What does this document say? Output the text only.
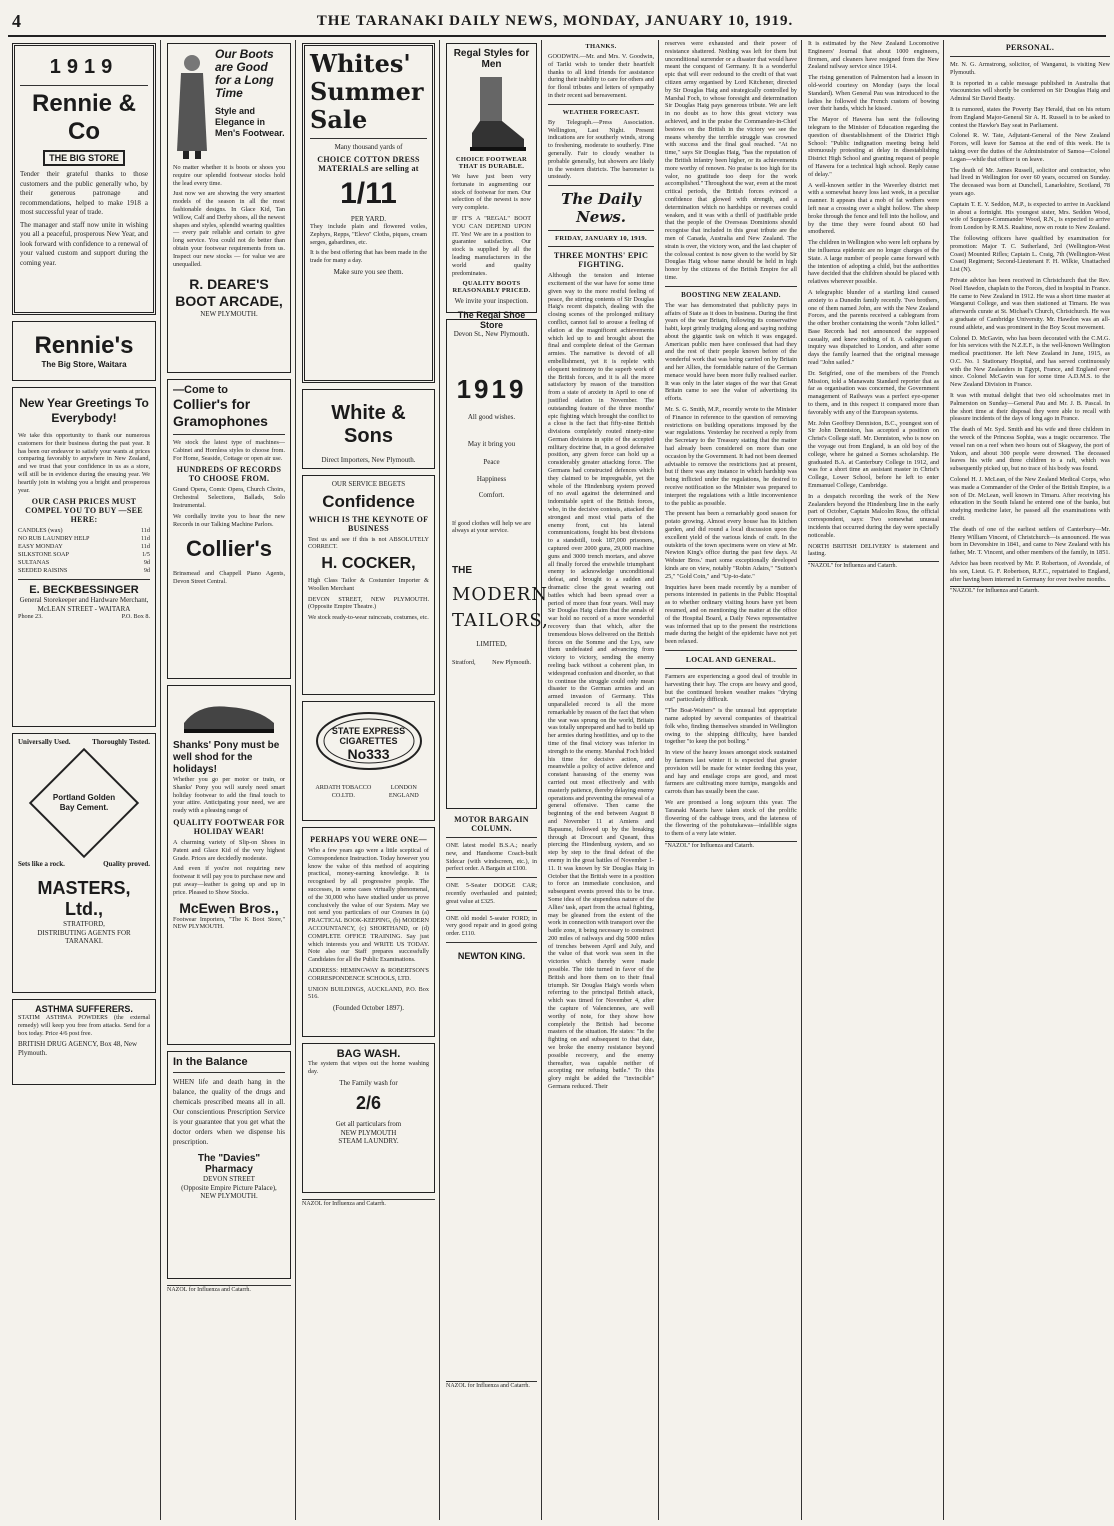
4	THE TARANAKI DAILY NEWS, MONDAY, JANUARY 10, 1919.
1919
Rennie & Co
THE BIG STORE

Tender their grateful thanks to those customers and the public generally who, by their generous patronage and recommendations, helped to make 1918 a most successful year of trade.

The manager and staff now unite in wishing you all a peaceful, prosperous New Year, and look forward with confidence to a renewal of your valued custom and support during the coming year.

Rennie's
The Big Store, Waitara
New Year Greetings To Everybody!

We take this opportunity to thank our numerous customers for their business during the past year. It has been our endeavor to satisfy your wants at prices comparing favorably to anywhere in New Zealand, and we trust that your confidence in us as a store, will still be in evidence during the ensuing year. We heartily join in wishing you a bright and prosperous year.

OUR CASH PRICES MUST COMPEL YOU TO BUY —SEE HERE:
CANDLES (wax)	11d
NO RUB LAUNDRY HELP	11d
EASY MONDAY	11d
SILKSTONE SOAP	1/5
SULTANAS	9d
SEEDED RAISINS	9d
E. BECKBESSINGER
General Storekeeper and Hardware Merchant,
McLEAN STREET - WAITARA
Phone 23.	P.O. Box 8.
Universally Used.	Thoroughly Tested.
Portland Golden Bay Cement.
Sets like a rock.	Quality proved.
MASTERS, Ltd.,
STRATFORD,
DISTRIBUTING AGENTS FOR TARANAKI.
ASTHMA SUFFERERS.

STATIM ASTHMA POWDERS (the external remedy) will keep you free from attacks. Send for a box today. Price 4/6 post free.

BRITISH DRUG AGENCY, Box 48, New Plymouth.
Our Boots are Good for a Long Time
Style and Elegance in Men's Footwear.

No matter whether it is boots or shoes you require our splendid footwear stocks hold the lead every time.

Just now we are showing the very smartest models of the season in all the most fashionable designs. In Glace Kid, Tan Willow, Calf and Derby shoes, all the newest shapes and styles, splendid wearing qualities — every pair reliable and certain to give long service. You could not do better than obtain your footwear requirements from us. Inspect our new stocks — for value we are unequalled.

R. DEARE'S BOOT ARCADE,
NEW PLYMOUTH.
—Come to
Collier's for Gramophones

We stock the latest type of machines—Cabinet and Hornless styles to choose from. For Home, Seaside, Cottage or open air use.

HUNDREDS OF RECORDS TO CHOOSE FROM.

Grand Opera, Comic Opera, Church Choirs, Orchestral Selections, Ballads, Solo Instrumental.

We cordially invite you to hear the new Records in our Talking Machine Parlors.

Collier's

Brinsmead and Chappell Piano Agents, Devon Street Central.

Shanks' Pony must be well shod for the holidays!

Whether you go per motor or train, or Shanks' Pony you will surely need smart holiday footwear to add the final touch to your attire. Anticipating your need, we are ready with a pleasing range of

QUALITY FOOTWEAR FOR HOLIDAY WEAR!

A charming variety of Slip-on Shoes in Patent and Glace Kid of the very highest Grade. Prices are decidedly moderate.

And even if you're not requiring new footwear it will pay you to purchase new and put away—leather is going up and up in price. Pleased to Show Stocks.

McEwen Bros.,

Footwear Importers, "The K Boot Store," NEW PLYMOUTH.

In the Balance

WHEN life and death hang in the balance, the quality of the drugs and chemicals prescribed means all in all. Our conscientious Prescription Service is your guarantee that you get what the doctor orders when we dispense his prescription.

The "Davies" Pharmacy
DEVON STREET
(Opposite Empire Picture Palace),
NEW PLYMOUTH.
NAZOL for Influenza and Catarrh.
Whites' Summer Sale
Many thousand yards of
CHOICE COTTON DRESS MATERIALS are selling at
1/11
PER YARD.

They include plain and flowered voiles, Zephyrs, Repps, "Elevo" Cloths, piques, cream serges, gabardines, etc.

It is the best offering that has been made in the trade for many a day.

Make sure you see them.
White & Sons
Direct Importers, New Plymouth.
OUR SERVICE BEGETS
Confidence
WHICH IS THE KEYNOTE OF BUSINESS

Test us and see if this is not ABSOLUTELY CORRECT.

H. COCKER,

High Class Tailor & Costumier Importer & Woollen Merchant

DEVON STREET, NEW PLYMOUTH. (Opposite Empire Theatre.)

We stock ready-to-wear raincoats, costumes, etc.

STATE EXPRESS CIGARETTES
No333
ARDATH TOBACCO CO.LTD.
LONDON ENGLAND
PERHAPS YOU WERE ONE—

Who a few years ago were a little sceptical of Correspondence Instruction. Today however you know the value of this method of acquiring practical, money-earning knowledge. It is recognised by all progressive people. The successes, in some cases virtually phenomenal, of the 30,000 who have studied under us prove conclusively the value of our System. May we not send you particulars of our Courses in (a) PRACTICAL BOOK-KEEPING, (b) MODERN ACCOUNTANCY, (c) SHORTHAND, or (d) COMPLETE OFFICE TRAINING. Say just which interests you and WRITE US TODAY. Note also our Staff prepares successfully Candidates for all the Public Examinations.

ADDRESS: HEMINGWAY & ROBERTSON'S CORRESPONDENCE SCHOOLS, LTD.

UNION BUILDINGS, AUCKLAND, P.O. Box 516.

(Founded October 1897).
BAG WASH.

The system that wipes out the home washing day.

The Family wash for
2/6
Get all particulars from
NEW PLYMOUTH
STEAM LAUNDRY.
NAZOL for Influenza and Catarrh.
Regal Styles for Men
CHOICE FOOTWEAR THAT IS DURABLE.

We have just been very fortunate in augmenting our stock of footwear for men. Our selection of the newest is now very complete.

IF IT'S A "REGAL" BOOT YOU CAN DEPEND UPON IT. Yes! We are in a position to guarantee satisfaction. Our stock is supplied by all the leading manufacturers in the world and quality predominates.

QUALITY BOOTS REASONABLY PRICED.
We invite your inspection.
The Regal Shoe Store
Devon St., New Plymouth.
1919
All good wishes.
May it bring you
Peace
Happiness
Comfort.

If good clothes will help we are always at your service.

THE
MODERN TAILORS,
LIMITED,
Stratford,	New Plymouth.
MOTOR BARGAIN COLUMN.

ONE latest model B.S.A.; nearly new, and Handsome Coach-built Sidecar (with windscreen, etc.), in perfect order. A Bargain at £100.

ONE 5-Seater DODGE CAR; recently overhauled and painted; great value at £325.

ONE old model 5-seater FORD; in very good repair and in good going order. £110.

NEWTON KING.
NAZOL for Influenza and Catarrh.
THANKS.

GOODWIN.—Mr. and Mrs. V. Goodwin, of Tariki wish to tender their heartfelt thanks to all kind friends for assistance during their inability to care for others and for floral tributes and letters of sympathy in their recent sad bereavement.

WEATHER FORECAST.

By Telegraph.—Press Association. Wellington, Last Night. Present indications are for southerly winds, strong to freshening, moderate to southerly. Fine generally. Fair to cloudy weather is probable generally, but showers are likely in the western districts. The barometer is unsteady.

The Daily News.
FRIDAY, JANUARY 10, 1919.
THREE MONTHS' EPIC FIGHTING.

Although the tension and intense excitement of the war have for some time given way to the more restful feeling of peace, the stirring contents of Sir Douglas Haig's recent dispatch, dealing with the closing scenes of the prolonged military conflict, cannot fail to arouse a feeling of elation at the magnificent achievements which led up to and brought about the final and complete defeat of the German armies. The narrative is devoid of all embellishment, yet it is replete with eloquent testimony to the superb work of the British forces, and it is all the more satisfactory by reason of the transition from a state of anxiety in April to one of justified elation in November. The outstanding feature of the three months' epic fighting which brought the conflict to a close is the fact that fifty-nine British divisions completely routed ninety-nine German divisions in spite of the accepted military doctrine that, in a good defensive position, any given force can hold up a considerably greater attacking force. The Germans had constructed defences which they claimed to be impregnable, yet the whole of the Hindenburg system proved of no avail against the determined and indomitable spirit of the British forces, who, in the decisive contests, attacked the strongest and most vital parts of the enemy front, cut his lateral communications, fought his best divisions to a standstill, took 187,000 prisoners, captured over 2000 guns, 29,000 machine guns and 3000 trench mortars, and above all finally forced the erstwhile triumphant enemy to acknowledge unconditional defeat, and brought to a sudden and dramatic close the great wearing out battles which had been spread over a period of more than four years. Well may Sir Douglas Haig claim that the annals of war hold no record of a more wonderful recovery than that which, after the tremendous blows delivered on the British forces on the Somme and the Lys, saw them undefeated and advancing from victory to victory, sending the enemy reeling back without a coherent plan, in widespread confusion and disorder, so that to continue the struggle could only mean disaster to the German armies and an armed invasion of Germany. This unparalleled record is all the more remarkable by reason of the fact that when the war was sprung on the world, Britain was totally unprepared and had to build up her armies during hostilities, and up to the time of the final victory was inferior in strength to the enemy. Marshal Foch bided his time for decisive action, and meanwhile a policy of active defence and constant harassing of the enemy was carried out most effectively and with masterly patience, thereby delaying enemy operations and preventing the renewal of a general offensive. Then came the beginning of the end between August 8 and November 11 at Amiens and Bapaume, followed up by the breaking through at Drocourt and Queant, thus piercing the Hindenburg system, and so step by step to the final defeat of the enemy in the great battles of November 1-11. It was known by Sir Douglas Haig in October that the British were in a position to force an immediate conclusion, and subsequent events proved this to be true. Some idea of the stupendous nature of the Allies' task, apart from the actual fighting, may be gleaned from the extent of the work in connection with transport over the battle zone, it being necessary to construct 200 miles of railways and dig 5000 miles of trenches between April and July, and the value of that work was seen in the victories which thereby were made possible. The tide turned in favor of the British and hore them on to their final triumph. Sir Douglas Haig's words when referring to the principal British attack, which was timed for November 4, after the capture of Valenciennes, are well worthy of note, for they show how completely the British had become masters of the situation. He states: "In the fighting on and subsequent to that date, we broke the enemy resistance beyond possible recovery, and the enemy thereafter, was capable neither of accepting nor refusing battle." To this glory might be added the "invincible" Germans reduced. Their

reserves were exhausted and their power of resistance shattered. Nothing was left for them but unconditional surrender or a disaster that would have meant the conquest of Germany. It is a wonderful epic that will ever redound to the credit of that vast citizen army organised by Lord Kitchener, directed by Sir Douglas Haig and strategically controlled by Marshal Foch, to whose foresight and determination Sir Douglas Haig pays generous tribute. We are left in no doubt as to how this great victory was achieved, and in the praise the Commander-in-Chief bestows on the British in the victory we see the means whereby the terrible struggle was crowned with success and the final goal reached. "At no time," says Sir Douglas Haig, "has the reputation of the British infantry been higher, or its achievements more worthy of renown. No praise is too high for its valor, no gratitude too deep for the work accomplished." Throughout the war, even at the most critical periods, the British forces evinced a confidence that glowed with strength, and a determination which no hardships or reverses could weaken, and it was with a thrill of justifiable pride that the people of the Overseas Dominions should recognise that included in this great tribute are the men of Canada, Australia and New Zealand. The strain is over, the victory won, and the last chapter of the colossal contest is now given to the world by Sir Douglas Haig whose name should be held in high honor by the citizens of the British Empire for all time.

BOOSTING NEW ZEALAND.

The war has demonstrated that publicity pays in affairs of State as it does in business. During the first years of the war Britain, following its conservative habit, kept grimly trudging along and saying nothing about the gigantic task on which it was engaged. American public men have confessed that had they and the rest of their people known before of the wonderful work that was being carried on by Britain and her Allies, the formidable nature of the German menace would have been more fully realised earlier. It was only in the later stages of the war that Great Britain came to see the value of advertising its efforts.

Mr. S. G. Smith, M.P., recently wrote to the Minister of Finance in reference to the question of removing restrictions on building operations imposed by the war regulations. Yesterday he received a reply from the Secretary to the Treasury stating that the matter had already been considered on more than one occasion by the Government. It had not been deemed advisable to remove the restrictions just at present, but if there was any instance in which hardship was being inflicted under the regulations, he desired to receive notification so the Minister was prepared to interpret the regulations with a little inconvenience to the public as possible.

The present has been a remarkably good season for potato growing. Almost every house has its kitchen garden, and did round a local discussion upon the excellent yield of the various kinds of craft. In the outskirts of the town specimens were on view at Mr. Newton King's office during the past few days. At Webster Bros.' mart some exceptionally developed kinds are on view, notably "Robin Adairs," "Sutton's 25," "Gold Coin," and "Up-to-date."

Inquiries have been made recently by a number of persons interested in patients in the Public Hospital as to whether ordinary visiting hours have yet been resumed, and on mentioning the matter at the office of the Hospital Board, a Daily News representative was informed that up to the present the restrictions made during the height of the epidemic have not yet been relaxed.

LOCAL AND GENERAL.

Farmers are experiencing a good deal of trouble in harvesting their hay. The crops are heavy and good, but the continued broken weather makes "drying out" particularly difficult.

"The Boat-Waiters" is the unusual but appropriate name adopted by several companies of theatrical folk who, finding themselves stranded in Wellington owing to the shipping difficulty, have banded together "to keep the pot boiling."

In view of the heavy losses amongst stock sustained by farmers last winter it is expected that greater provision will be made for winter feeding this year, and hay and ensilage crops are good, and most farmers are cultivating more turnips, mangolds and carrots than has usually been the case.

We are promised a long sojourn this year. The Taranaki Maoris have taken stock of the prolific flowering of the cabbage trees, and the lateness of the flowering of the pohutukawas—infallible signs to them of a very late winter.

"NAZOL" for Influenza and Catarrh.

It is estimated by the New Zealand Locomotive Engineers' Journal that about 1000 engineers, firemen, and cleaners have resigned from the New Zealand railway service since 1914.

The rising generation of Palmerston had a lesson in old-world courtesy on Monday (says the local Standard). When General Pau was introduced to the ladies he followed the French custom of bowing over their hands, which he kissed.

The Mayor of Hawera has sent the following telegram to the Minister of Education regarding the question of disestablishment of the District High School: "Public indignation meeting being held strenuously protesting at delay in disestablishing District High School and granting request of people of Hawera for a technical high school. Reply cause of delay."

A well-known settler in the Waverley district met with a somewhat heavy loss last week, in a peculiar manner. It appears that a mob of fat wethers were left near a crossing over a slight hollow. The sheep broke through the fence and fell into the hollow, and by the time they were found about 60 had smothered.

The children in Wellington who were left orphans by the influenza epidemic are no longer charges of the State. A large number of people came forward with the intention of adopting a child, but the authorities have decided that the children should be placed with relatives wherever possible.

A telegraphic blunder of a startling kind caused anxiety to a Dunedin family recently. Two brothers, one of them named John, are with the New Zealand Forces, and the parents received a cablegram from the other brother containing the words "John killed." Base Records had not announced the supposed casualty, and knew nothing of it. A cablegram of inquiry was dispatched to London, and after some days the family learned that the original message read "John sailed."

Dr. Seigfried, one of the members of the French Mission, told a Manawatu Standard reporter that as far as organisation was concerned, the Government management of Railways was a perfect eye-opener to them, and in this respect it compared more than favorably with any of the European systems.

Mr. John Geoffrey Denniston, B.C., youngest son of Sir John Denniston, has accepted a position on Christ's College staff. Mr. Denniston, who is now on the voyage out from England, is an old boy of the college, where he gained a Somes scholarship. He graduated B.A. at Canterbury College in 1912, and was for a short time an assistant master in Christ's College, Lower School, before he left to enter Emmanuel College, Cambridge.

In a despatch recording the work of the New Zealanders beyond the Hindenburg line in the early part of October, Captain Malcolm Ross, the official correspondent, says: Two somewhat unusual incidents that occurred during the day were specially noticeable.

NORTH BRITISH DELIVERY is statement and lasting.

"NAZOL" for Influenza and Catarrh.
PERSONAL.

Mr. N. G. Armstrong, solicitor, of Wanganui, is visiting New Plymouth.

It is reported in a cable message published in Australia that viscountcies will shortly be conferred on Sir Douglas Haig and Admiral Sir David Beatty.

It is rumored, states the Poverty Bay Herald, that on his return from England Major-General Sir A. H. Russell is to be asked to contest the Hawke's Bay seat in Parliament.

Colonel R. W. Tate, Adjutant-General of the New Zealand Forces, will leave for Samoa at the end of this week. He is taking over the duties of the Administrator of Samoa—Colonel Logan—while that officer is on leave.

The death of Mr. James Russell, solicitor and contractor, who had lived in Wellington for over 60 years, occurred on Sunday. The deceased was born at Dunchell, Lanarkshire, Scotland, 78 years ago.

Captain T. E. Y. Seddon, M.P., is expected to arrive in Auckland in about a fortnight. His youngest sister, Mrs. Seddon Wood, wife of Surgeon-Commander Wood, R.N., is expected to arrive from London by R.M.S. Ruahine, now en route to New Zealand.

The following officers have qualified by examination for promotion: Major T. C. Sutherland, 3rd (Wellington-West Coast) Mounted Rifles; Captain L. Craig, 7th (Wellington-West Coast) Regiment; Second-Lieutenant F. H. Wilkie, Unattached List (N).

Private advice has been received in Christchurch that the Rev. Noel Hawdon, chaplain to the Forces, died in hospital in France. He came to New Zealand in 1912. He was a short time master at Wanganui College, and was then stationed at Timaru. He was afterwards curate at St. Michael's Church, Christchurch. He was a graduate of Cambridge University. Mr. Hawdon was an all-round athlete, and was prominent in the Boy Scout movement.

Colonel D. McGavin, who has been decorated with the C.M.G. for his services with the N.Z.E.F., is the well-known Wellington medical practitioner. He left New Zealand in June, 1915, as O.C. No. 1 Stationary Hospital, and has served continuously with the New Zealanders in Egypt, France, and England ever since. Colonel McGavin was for some time A.D.M.S. to the New Zealand Division in France.

It was with mutual delight that two old schoolmates met in Palmerston on Sunday—General Pau and Mr. J. B. Pascal. In the short time at their disposal they were able to recall with pleasure incidents of the days of long ago in France.

The death of Mr. Syd. Smith and his wife and three children in the wreck of the Princess Sophia, was a tragic occurrence. The vessel ran on a reef when two hours out of Skagway, the port of Yukon, and about 300 people were drowned. The deceased leaves his wife and three children to a raft, which was subsequently picked up, but no trace of his body was found.

Colonel H. J. McLean, of the New Zealand Medical Corps, who was made a Commander of the Order of the British Empire, is a son of Dr. McLean, well known in Timaru. After receiving his education in the South Island he entered one of the banks, but studying medicine later, he passed all the examinations with credit.

The death of one of the earliest settlers of Canterbury—Mr. Henry William Vincent, of Christchurch—is announced. He was born in Devonshire in 1841, and came to New Zealand with his father, Mr. T. Vincent, and other members of the family, in 1851.

Advice has been received by Mr. P. Robertson, of Avondale, of his son, Lieut. G. F. Robertson, R.F.C., repatriated to England, after having been interned in Germany for over twelve months.

"NAZOL" for Influenza and Catarrh.
